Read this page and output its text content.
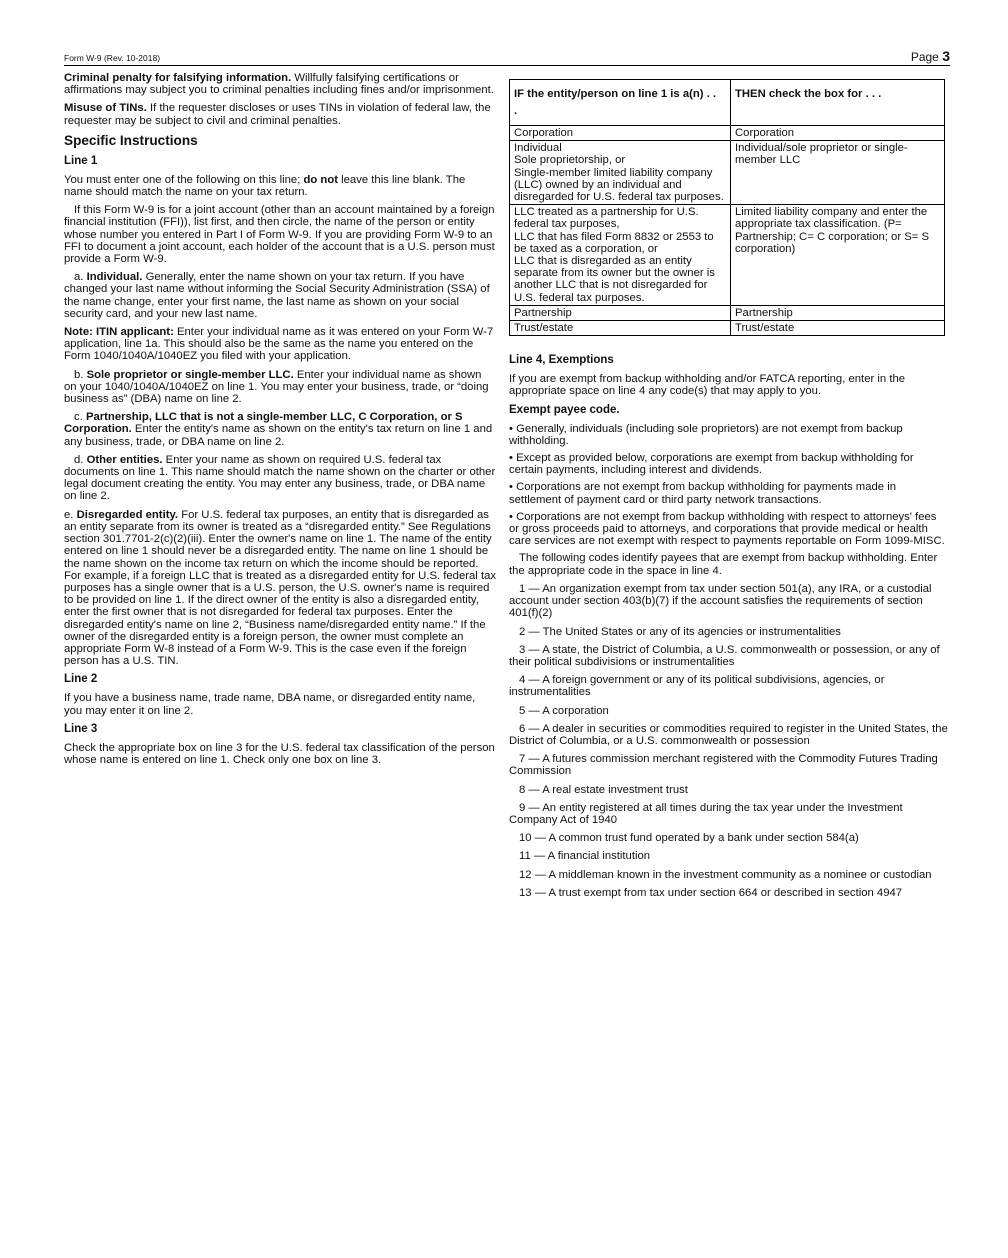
Form W-9 (Rev. 10-2018)	Page 3

Criminal penalty for falsifying information. Willfully falsifying certifications or affirmations may subject you to criminal penalties including fines and/or imprisonment.

Misuse of TINs. If the requester discloses or uses TINs in violation of federal law, the requester may be subject to civil and criminal penalties.

Specific Instructions
Line 1

You must enter one of the following on this line; do not leave this line blank. The name should match the name on your tax return.

If this Form W-9 is for a joint account (other than an account maintained by a foreign financial institution (FFI)), list first, and then circle, the name of the person or entity whose number you entered in Part I of Form W-9. If you are providing Form W-9 to an FFI to document a joint account, each holder of the account that is a U.S. person must provide a Form W-9.

a. Individual. Generally, enter the name shown on your tax return. If you have changed your last name without informing the Social Security Administration (SSA) of the name change, enter your first name, the last name as shown on your social security card, and your new last name.

Note: ITIN applicant: Enter your individual name as it was entered on your Form W-7 application, line 1a. This should also be the same as the name you entered on the Form 1040/1040A/1040EZ you filed with your application.

b. Sole proprietor or single-member LLC. Enter your individual name as shown on your 1040/1040A/1040EZ on line 1. You may enter your business, trade, or “doing business as” (DBA) name on line 2.

c. Partnership, LLC that is not a single-member LLC, C Corporation, or S Corporation. Enter the entity's name as shown on the entity's tax return on line 1 and any business, trade, or DBA name on line 2.

d. Other entities. Enter your name as shown on required U.S. federal tax documents on line 1. This name should match the name shown on the charter or other legal document creating the entity. You may enter any business, trade, or DBA name on line 2.

e. Disregarded entity. For U.S. federal tax purposes, an entity that is disregarded as an entity separate from its owner is treated as a “disregarded entity.” See Regulations section 301.7701-2(c)(2)(iii). Enter the owner's name on line 1. The name of the entity entered on line 1 should never be a disregarded entity. The name on line 1 should be the name shown on the income tax return on which the income should be reported. For example, if a foreign LLC that is treated as a disregarded entity for U.S. federal tax purposes has a single owner that is a U.S. person, the U.S. owner's name is required to be provided on line 1. If the direct owner of the entity is also a disregarded entity, enter the first owner that is not disregarded for federal tax purposes. Enter the disregarded entity's name on line 2, “Business name/disregarded entity name.” If the owner of the disregarded entity is a foreign person, the owner must complete an appropriate Form W-8 instead of a Form W-9. This is the case even if the foreign person has a U.S. TIN.

Line 2

If you have a business name, trade name, DBA name, or disregarded entity name, you may enter it on line 2.

Line 3

Check the appropriate box on line 3 for the U.S. federal tax classification of the person whose name is entered on line 1. Check only one box on line 3.

IF the entity/person on line 1 is a(n) . . .	THEN check the box for . . .
Corporation	Corporation
Individual
Sole proprietorship, or
Single-member limited liability company (LLC) owned by an individual and disregarded for U.S. federal tax purposes.	Individual/sole proprietor or single-member LLC
LLC treated as a partnership for U.S. federal tax purposes,
LLC that has filed Form 8832 or 2553 to be taxed as a corporation, or
LLC that is disregarded as an entity separate from its owner but the owner is another LLC that is not disregarded for U.S. federal tax purposes.	Limited liability company and enter the appropriate tax classification. (P= Partnership; C= C corporation; or S= S corporation)
Partnership	Partnership
Trust/estate	Trust/estate
Line 4, Exemptions

If you are exempt from backup withholding and/or FATCA reporting, enter in the appropriate space on line 4 any code(s) that may apply to you.

Exempt payee code.

• Generally, individuals (including sole proprietors) are not exempt from backup withholding.

• Except as provided below, corporations are exempt from backup withholding for certain payments, including interest and dividends.

• Corporations are not exempt from backup withholding for payments made in settlement of payment card or third party network transactions.

• Corporations are not exempt from backup withholding with respect to attorneys' fees or gross proceeds paid to attorneys, and corporations that provide medical or health care services are not exempt with respect to payments reportable on Form 1099-MISC.

The following codes identify payees that are exempt from backup withholding. Enter the appropriate code in the space in line 4.

1 — An organization exempt from tax under section 501(a), any IRA, or a custodial account under section 403(b)(7) if the account satisfies the requirements of section 401(f)(2)

2 — The United States or any of its agencies or instrumentalities

3 — A state, the District of Columbia, a U.S. commonwealth or possession, or any of their political subdivisions or instrumentalities

4 — A foreign government or any of its political subdivisions, agencies, or instrumentalities

5 — A corporation

6 — A dealer in securities or commodities required to register in the United States, the District of Columbia, or a U.S. commonwealth or possession

7 — A futures commission merchant registered with the Commodity Futures Trading Commission

8 — A real estate investment trust

9 — An entity registered at all times during the tax year under the Investment Company Act of 1940

10 — A common trust fund operated by a bank under section 584(a)

11 — A financial institution

12 — A middleman known in the investment community as a nominee or custodian

13 — A trust exempt from tax under section 664 or described in section 4947
